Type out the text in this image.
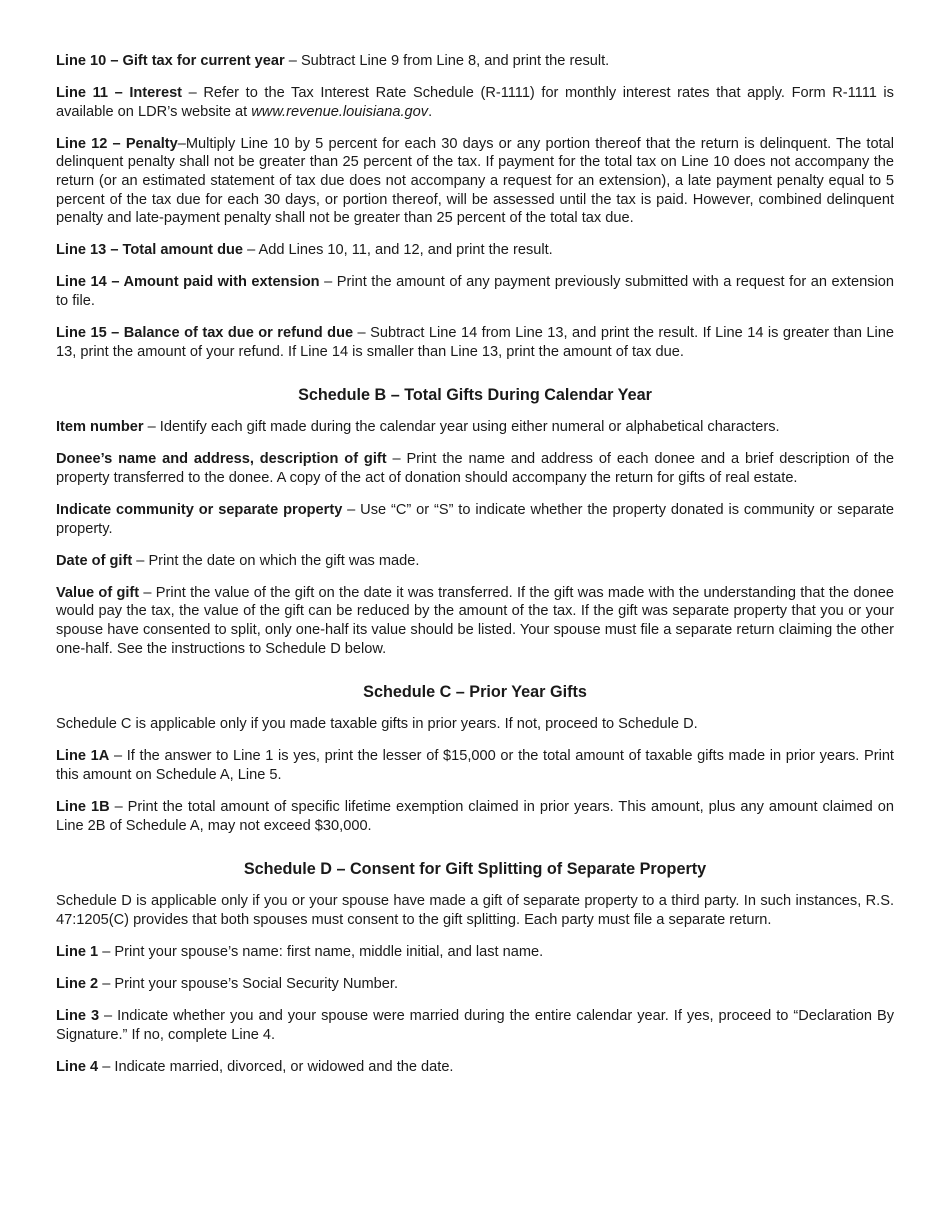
Line 10 – Gift tax for current year – Subtract Line 9 from Line 8, and print the result.

Line 11 – Interest – Refer to the Tax Interest Rate Schedule (R-1111) for monthly interest rates that apply. Form R-1111 is available on LDR’s website at www.revenue.louisiana.gov.

Line 12 – Penalty–Multiply Line 10 by 5 percent for each 30 days or any portion thereof that the return is delinquent. The total delinquent penalty shall not be greater than 25 percent of the tax. If payment for the total tax on Line 10 does not accompany the return (or an estimated statement of tax due does not accompany a request for an extension), a late payment penalty equal to 5 percent of the tax due for each 30 days, or portion thereof, will be assessed until the tax is paid. However, combined delinquent penalty and late-payment penalty shall not be greater than 25 percent of the total tax due.

Line 13 – Total amount due – Add Lines 10, 11, and 12, and print the result.

Line 14 – Amount paid with extension – Print the amount of any payment previously submitted with a request for an extension to file.

Line 15 – Balance of tax due or refund due – Subtract Line 14 from Line 13, and print the result. If Line 14 is greater than Line 13, print the amount of your refund. If Line 14 is smaller than Line 13, print the amount of tax due.

Schedule B – Total Gifts During Calendar Year

Item number – Identify each gift made during the calendar year using either numeral or alphabetical characters.

Donee’s name and address, description of gift – Print the name and address of each donee and a brief description of the property transferred to the donee. A copy of the act of donation should accompany the return for gifts of real estate.

Indicate community or separate property – Use “C” or “S” to indicate whether the property donated is community or separate property.

Date of gift – Print the date on which the gift was made.

Value of gift – Print the value of the gift on the date it was transferred. If the gift was made with the understanding that the donee would pay the tax, the value of the gift can be reduced by the amount of the tax. If the gift was separate property that you or your spouse have consented to split, only one-half its value should be listed. Your spouse must file a separate return claiming the other one-half. See the instructions to Schedule D below.

Schedule C – Prior Year Gifts

Schedule C is applicable only if you made taxable gifts in prior years. If not, proceed to Schedule D.

Line 1A – If the answer to Line 1 is yes, print the lesser of $15,000 or the total amount of taxable gifts made in prior years. Print this amount on Schedule A, Line 5.

Line 1B – Print the total amount of specific lifetime exemption claimed in prior years. This amount, plus any amount claimed on Line 2B of Schedule A, may not exceed $30,000.

Schedule D – Consent for Gift Splitting of Separate Property

Schedule D is applicable only if you or your spouse have made a gift of separate property to a third party. In such instances, R.S. 47:1205(C) provides that both spouses must consent to the gift splitting. Each party must file a separate return.

Line 1 – Print your spouse’s name: first name, middle initial, and last name.

Line 2 – Print your spouse’s Social Security Number.

Line 3 – Indicate whether you and your spouse were married during the entire calendar year. If yes, proceed to “Declaration By Signature.” If no, complete Line 4.

Line 4 – Indicate married, divorced, or widowed and the date.
